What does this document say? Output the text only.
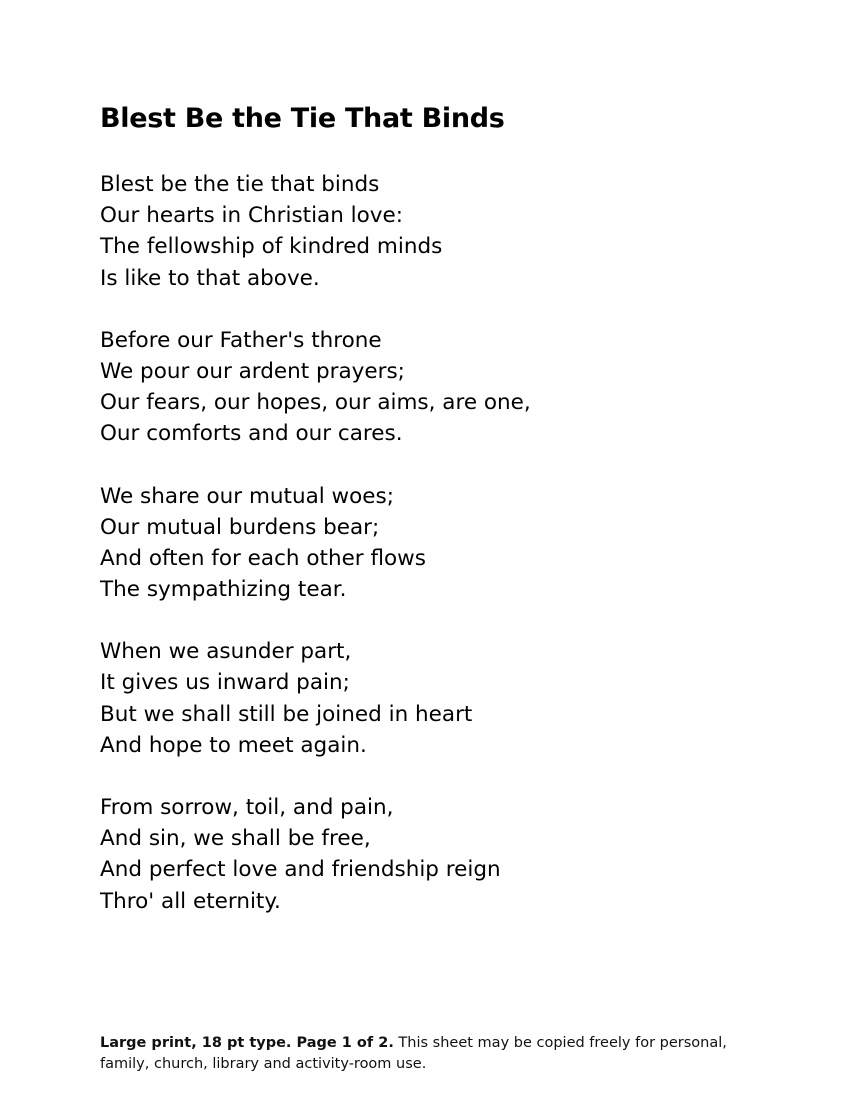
Blest Be the Tie That Binds
Blest be the tie that binds
Our hearts in Christian love:
The fellowship of kindred minds
Is like to that above.
Before our Father's throne
We pour our ardent prayers;
Our fears, our hopes, our aims, are one,
Our comforts and our cares.
We share our mutual woes;
Our mutual burdens bear;
And often for each other flows
The sympathizing tear.
When we asunder part,
It gives us inward pain;
But we shall still be joined in heart
And hope to meet again.
From sorrow, toil, and pain,
And sin, we shall be free,
And perfect love and friendship reign
Thro' all eternity.
Large print, 18 pt type. Page 1 of 2. This sheet may be copied freely for personal, family, church, library and activity-room use.
